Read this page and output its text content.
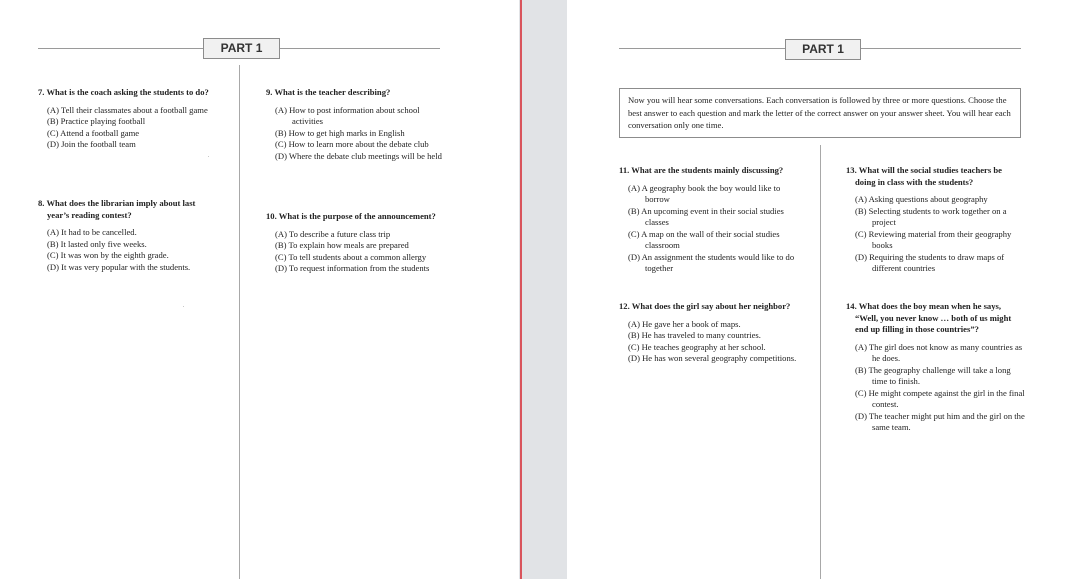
PART 1

7. What is the coach asking the students to do?

(A) Tell their classmates about a football game

(B) Practice playing football

(C) Attend a football game

(D) Join the football team

8. What does the librarian imply about last year’s reading contest?

(A) It had to be cancelled.

(B) It lasted only five weeks.

(C) It was won by the eighth grade.

(D) It was very popular with the students.

9. What is the teacher describing?

(A) How to post information about school activities

(B) How to get high marks in English

(C) How to learn more about the debate club

(D) Where the debate club meetings will be held

10. What is the purpose of the announcement?

(A) To describe a future class trip

(B) To explain how meals are prepared

(C) To tell students about a common allergy

(D) To request information from the students

PART 1
Now you will hear some conversations. Each conversation is followed by three or more questions. Choose the best answer to each question and mark the letter of the correct answer on your answer sheet. You will hear each conversation only one time.

11. What are the students mainly discussing?

(A) A geography book the boy would like to borrow

(B) An upcoming event in their social studies classes

(C) A map on the wall of their social studies classroom

(D) An assignment the students would like to do together

12. What does the girl say about her neighbor?

(A) He gave her a book of maps.

(B) He has traveled to many countries.

(C) He teaches geography at her school.

(D) He has won several geography competitions.

13. What will the social studies teachers be doing in class with the students?

(A) Asking questions about geography

(B) Selecting students to work together on a project

(C) Reviewing material from their geography books

(D) Requiring the students to draw maps of different countries

14. What does the boy mean when he says, “Well, you never know … both of us might end up filling in those countries”?

(A) The girl does not know as many countries as he does.

(B) The geography challenge will take a long time to finish.

(C) He might compete against the girl in the final contest.

(D) The teacher might put him and the girl on the same team.
